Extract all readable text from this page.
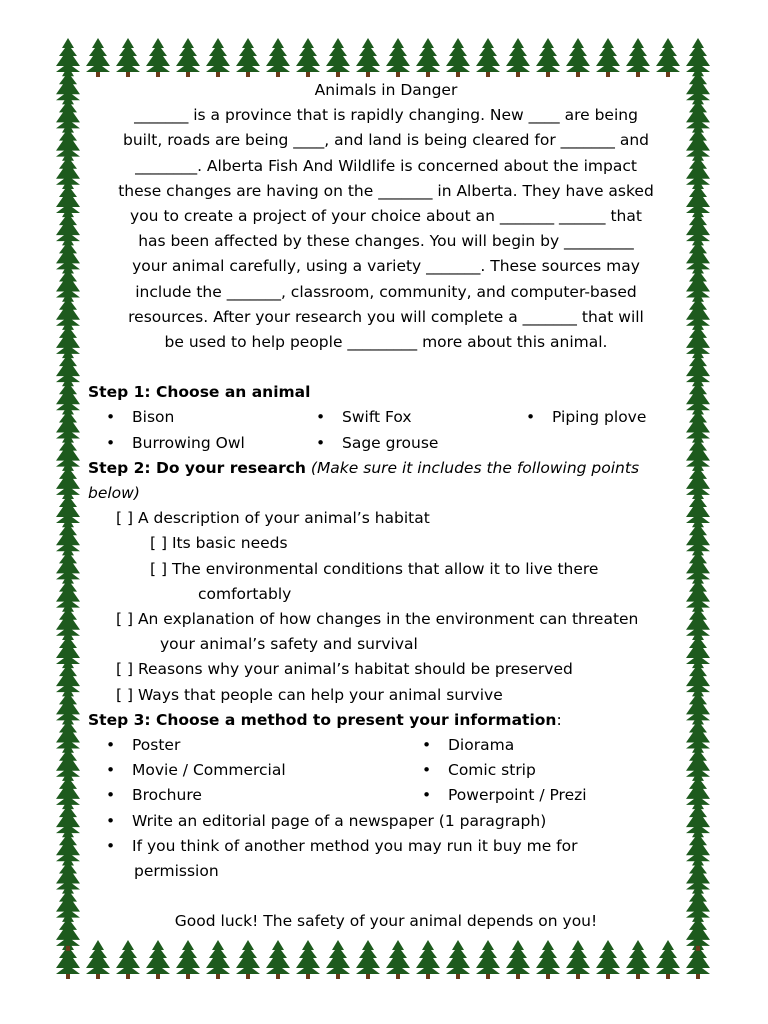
Animals in Danger

_______ is a province that is rapidly changing. New ____ are being
built, roads are being ____, and land is being cleared for _______ and
________. Alberta Fish And Wildlife is concerned about the impact
these changes are having on the _______ in Alberta. They have asked
you to create a project of your choice about an _______ ______ that
has been affected by these changes. You will begin by _________
your animal carefully, using a variety _______. These sources may
include the _______, classroom, community, and computer-based
resources. After your research you will complete a _______ that will
be used to help people _________ more about this animal.

Step 1: Choose an animal

• Bison	• Swift Fox	• Piping plove
• Burrowing Owl	• Sage grouse

Step 2: Do your research (Make sure it includes the following points

below)

[ ] A description of your animal’s habitat

[ ] Its basic needs

[ ] The environmental conditions that allow it to live there

comfortably

[ ] An explanation of how changes in the environment can threaten

your animal’s safety and survival

[ ] Reasons why your animal’s habitat should be preserved

[ ] Ways that people can help your animal survive

Step 3: Choose a method to present your information:

• Poster	• Diorama
• Movie / Commercial	• Comic strip
• Brochure	• Powerpoint / Prezi
• Write an editorial page of a newspaper (1 paragraph)
• If you think of another method you may run it buy me for
permission

Good luck! The safety of your animal depends on you!
